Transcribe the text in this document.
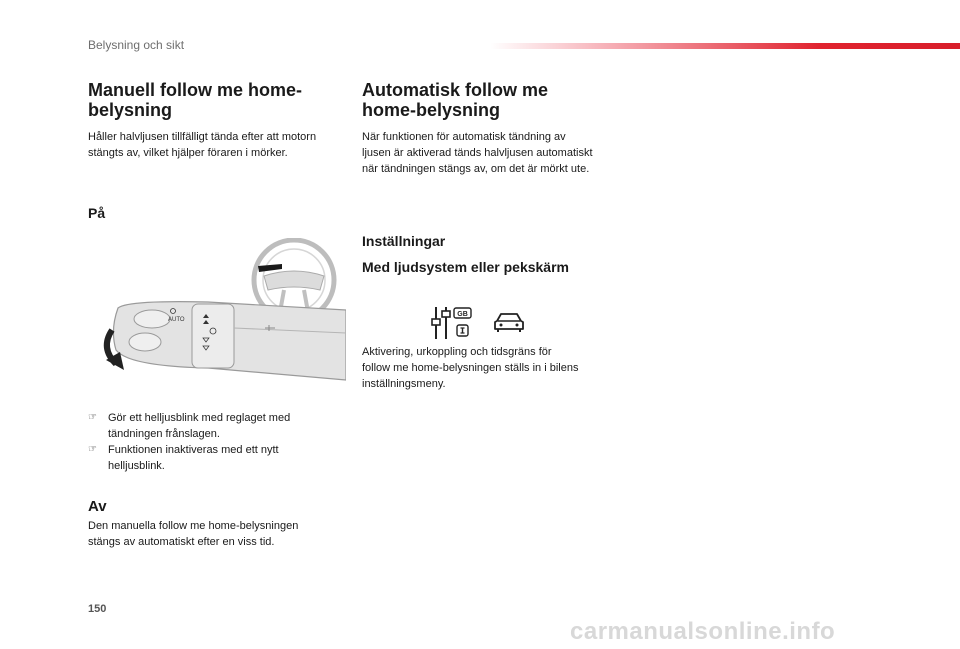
Belysning och sikt
Manuell follow me home-
belysning
Håller halvljusen tillfälligt tända efter att motorn
stängts av, vilket hjälper föraren i mörker.
På
AUTO
☞ Gör ett helljusblink med reglaget med
tändningen frånslagen.
☞ Funktionen inaktiveras med ett nytt
helljusblink.
Av
Den manuella follow me home-belysningen
stängs av automatiskt efter en viss tid.
Automatisk follow me
home-belysning
När funktionen för automatisk tändning av
ljusen är aktiverad tänds halvljusen automatiskt
när tändningen stängs av, om det är mörkt ute.
Inställningar
Med ljudsystem eller pekskärm
GB
Aktivering, urkoppling och tidsgräns för
follow me home-belysningen ställs in i bilens
inställningsmeny.
150
carmanualsonline.info
